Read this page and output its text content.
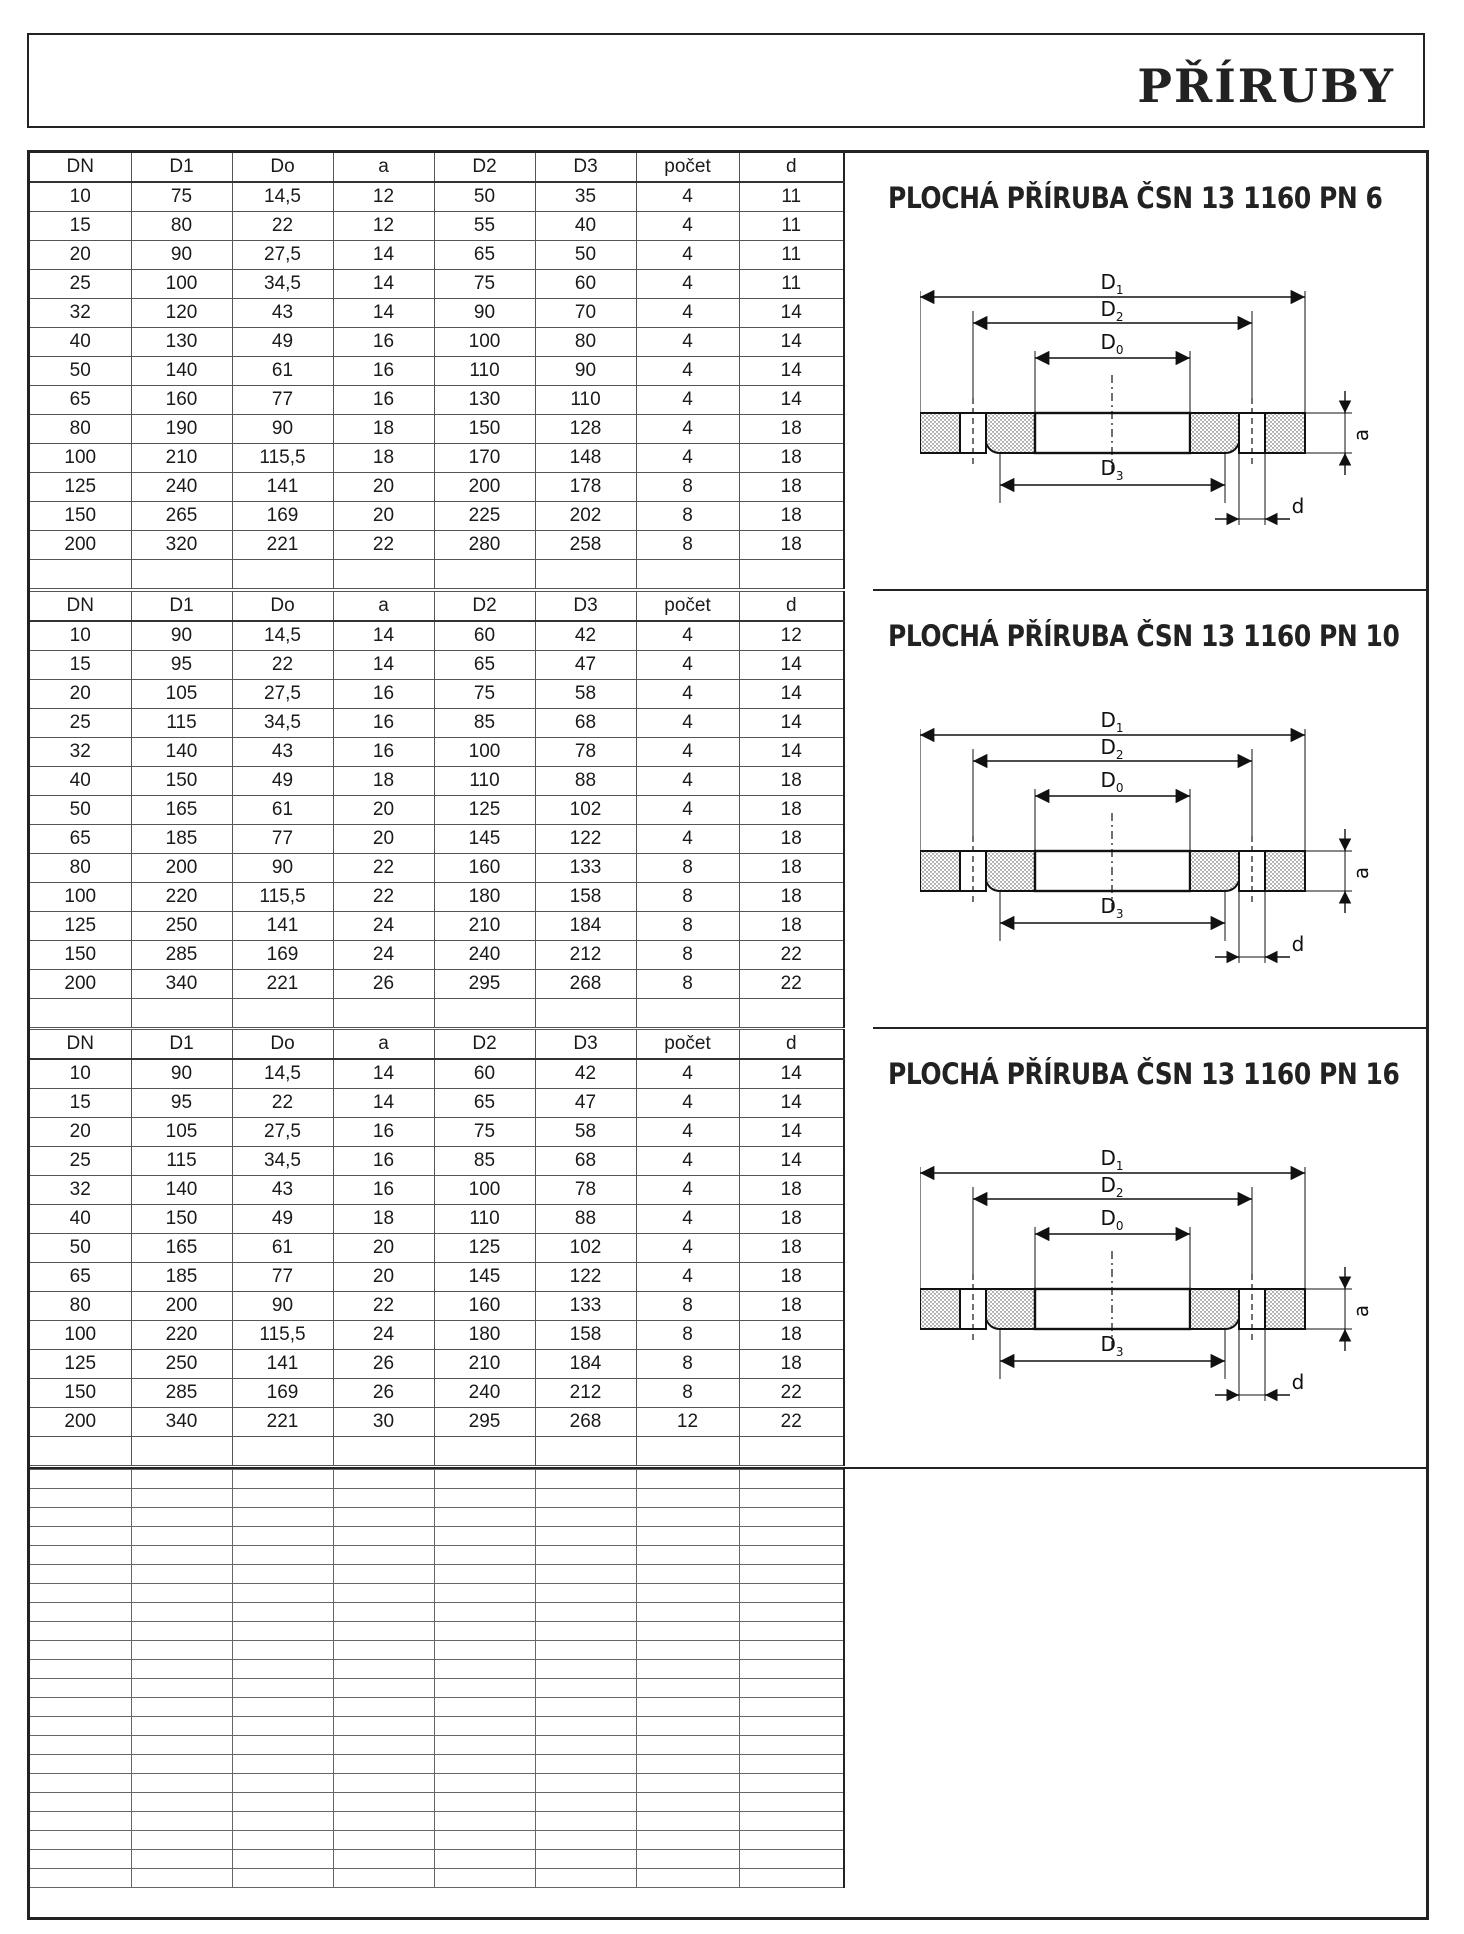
PŘÍRUBY
DN	D1	Do	a	D2	D3	počet	d
10	75	14,5	12	50	35	4	11
15	80	22	12	55	40	4	11
20	90	27,5	14	65	50	4	11
25	100	34,5	14	75	60	4	11
32	120	43	14	90	70	4	14
40	130	49	16	100	80	4	14
50	140	61	16	110	90	4	14
65	160	77	16	130	110	4	14
80	190	90	18	150	128	4	18
100	210	115,5	18	170	148	4	18
125	240	141	20	200	178	8	18
150	265	169	20	225	202	8	18
200	320	221	22	280	258	8	18

PLOCHÁ PŘÍRUBA ČSN 13 1160 PN 6
$D_1$
$D_2$
$D_0$
$D_3$
a
d
DN	D1	Do	a	D2	D3	počet	d
10	90	14,5	14	60	42	4	12
15	95	22	14	65	47	4	14
20	105	27,5	16	75	58	4	14
25	115	34,5	16	85	68	4	14
32	140	43	16	100	78	4	14
40	150	49	18	110	88	4	18
50	165	61	20	125	102	4	18
65	185	77	20	145	122	4	18
80	200	90	22	160	133	8	18
100	220	115,5	22	180	158	8	18
125	250	141	24	210	184	8	18
150	285	169	24	240	212	8	22
200	340	221	26	295	268	8	22

PLOCHÁ PŘÍRUBA ČSN 13 1160 PN 10
$D_1$
$D_2$
$D_0$
$D_3$
a
d
DN	D1	Do	a	D2	D3	počet	d
10	90	14,5	14	60	42	4	14
15	95	22	14	65	47	4	14
20	105	27,5	16	75	58	4	14
25	115	34,5	16	85	68	4	14
32	140	43	16	100	78	4	18
40	150	49	18	110	88	4	18
50	165	61	20	125	102	4	18
65	185	77	20	145	122	4	18
80	200	90	22	160	133	8	18
100	220	115,5	24	180	158	8	18
125	250	141	26	210	184	8	18
150	285	169	26	240	212	8	22
200	340	221	30	295	268	12	22

PLOCHÁ PŘÍRUBA ČSN 13 1160 PN 16
$D_1$
$D_2$
$D_0$
$D_3$
a
d
